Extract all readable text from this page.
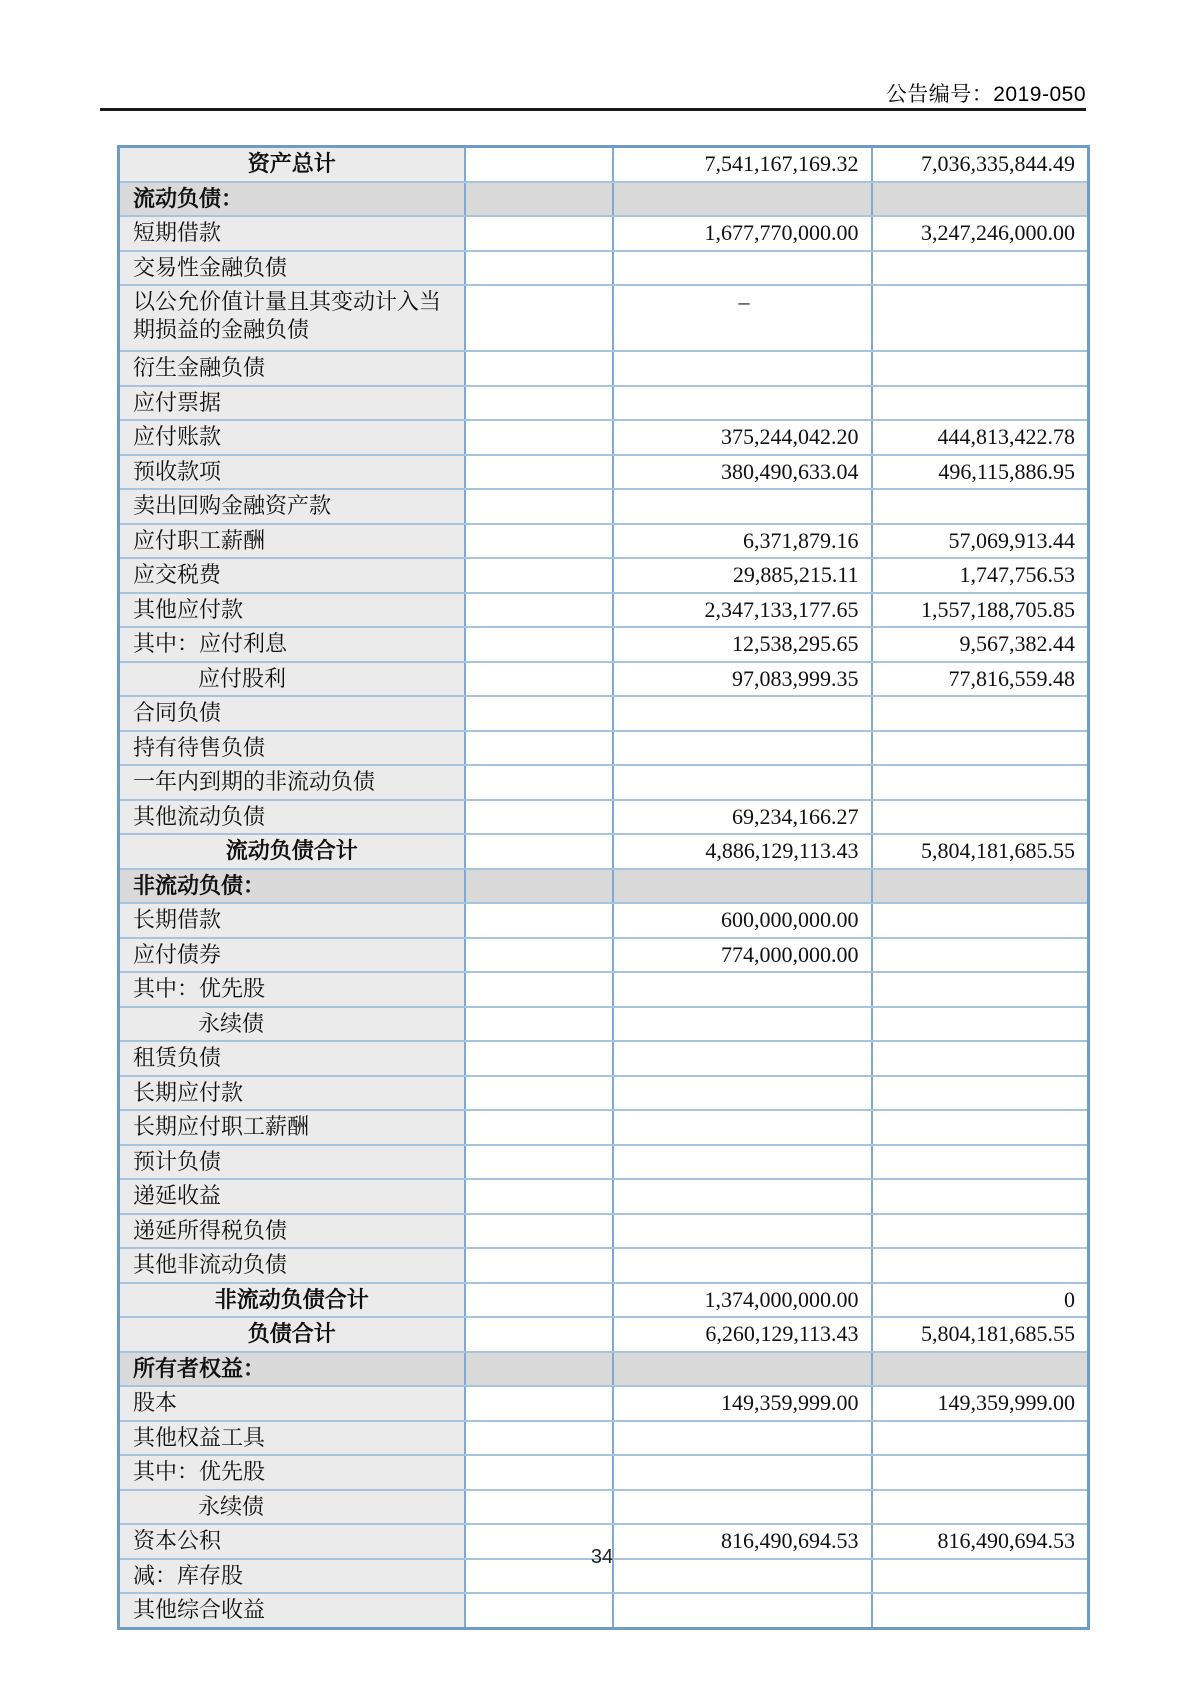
公告编号：2019-050
资产总计		7,541,167,169.32	7,036,335,844.49
流动负债：			
短期借款		1,677,770,000.00	3,247,246,000.00
交易性金融负债			
以公允价值计量且其变动计入当期损益的金融负债		–	
衍生金融负债			
应付票据			
应付账款		375,244,042.20	444,813,422.78
预收款项		380,490,633.04	496,115,886.95
卖出回购金融资产款			
应付职工薪酬		6,371,879.16	57,069,913.44
应交税费		29,885,215.11	1,747,756.53
其他应付款		2,347,133,177.65	1,557,188,705.85
其中：应付利息		12,538,295.65	9,567,382.44
应付股利		97,083,999.35	77,816,559.48
合同负债			
持有待售负债			
一年内到期的非流动负债			
其他流动负债		69,234,166.27	
流动负债合计		4,886,129,113.43	5,804,181,685.55
非流动负债：			
长期借款		600,000,000.00	
应付债券		774,000,000.00	
其中：优先股			
永续债			
租赁负债			
长期应付款			
长期应付职工薪酬			
预计负债			
递延收益			
递延所得税负债			
其他非流动负债			
非流动负债合计		1,374,000,000.00	0
负债合计		6,260,129,113.43	5,804,181,685.55
所有者权益：			
股本		149,359,999.00	149,359,999.00
其他权益工具			
其中：优先股			
永续债			
资本公积		816,490,694.53	816,490,694.53
减：库存股			
其他综合收益			
34
